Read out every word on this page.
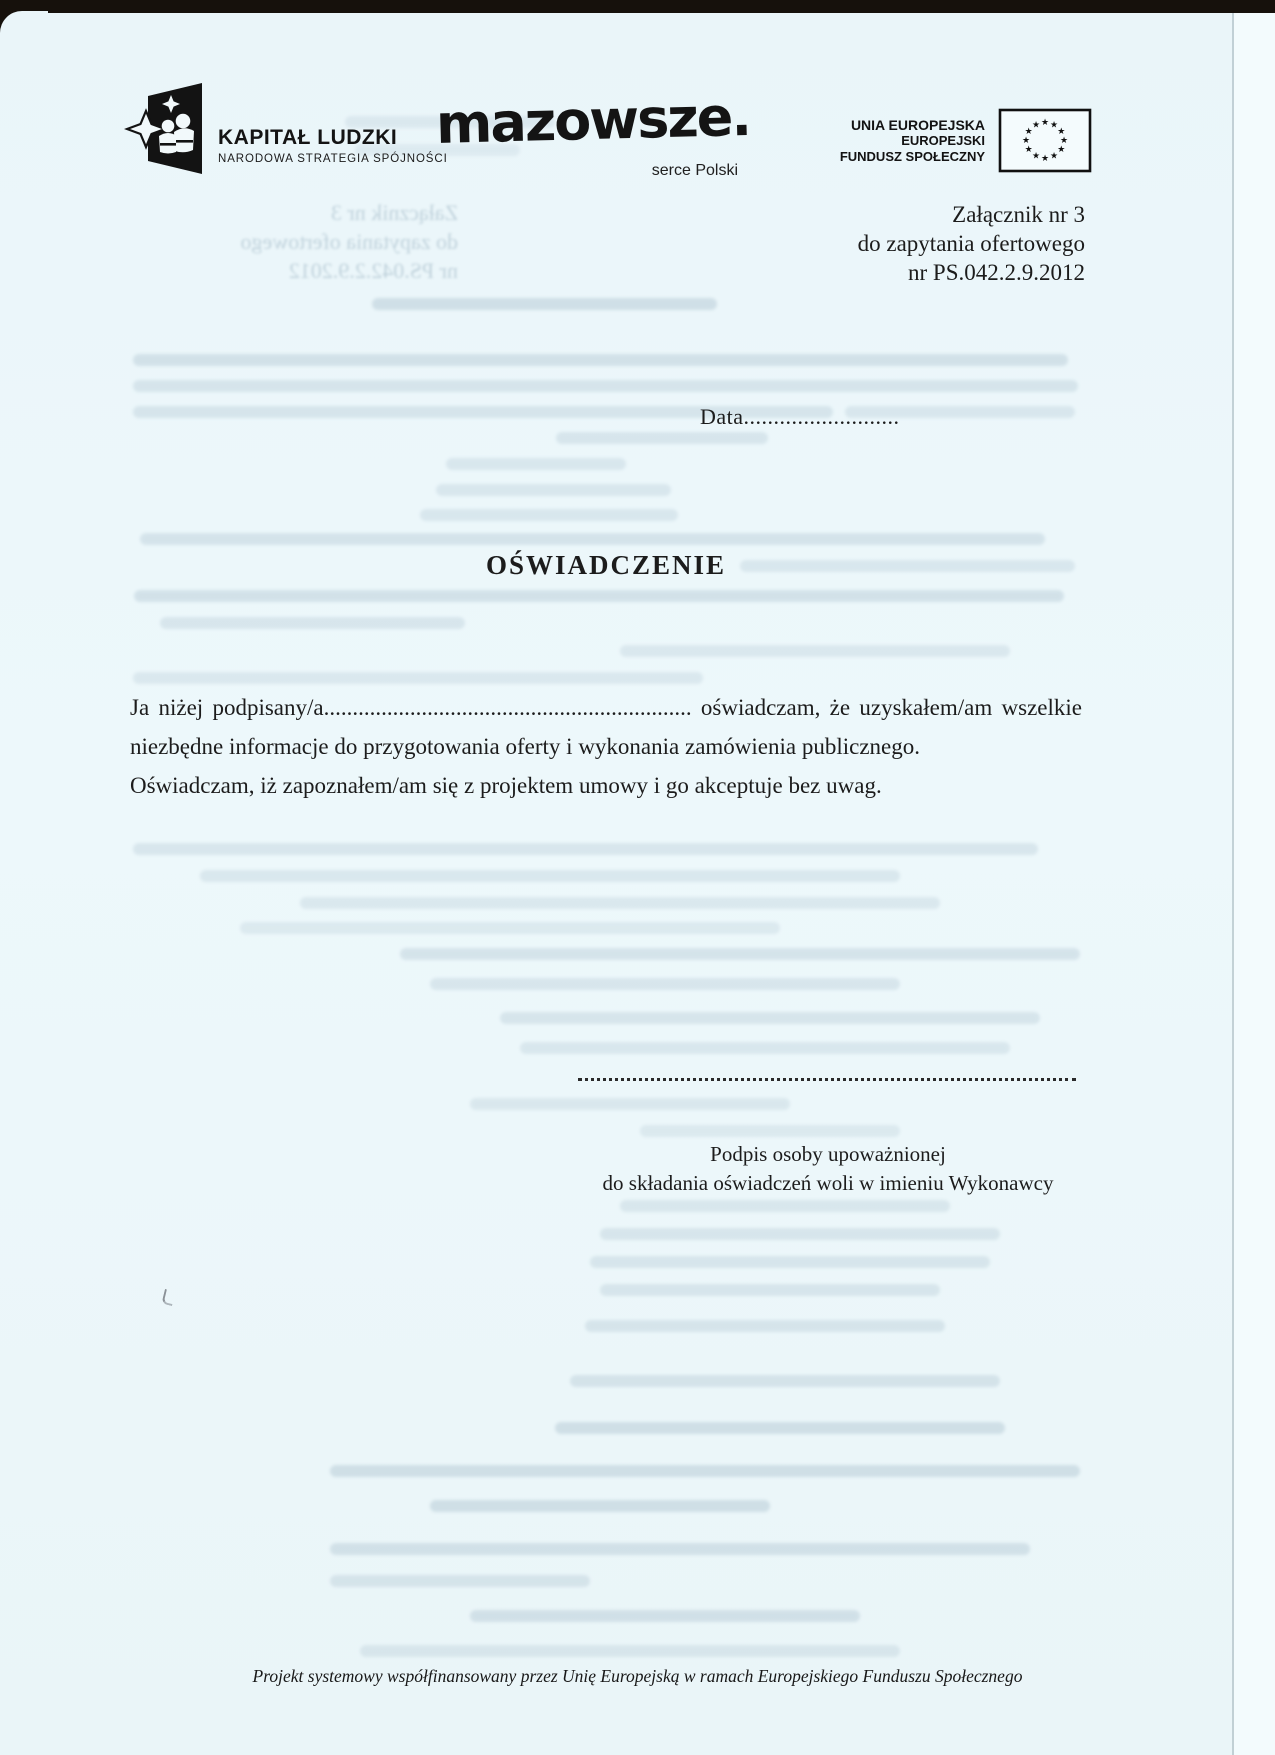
Załącznik nr 3
do zapytania ofertowego
nr PS.042.2.9.2012
KAPITAŁ LUDZKI
NARODOWA STRATEGIA SPÓJNOŚCI
mazowsze.
serce Polski
UNIA EUROPEJSKA
EUROPEJSKI
FUNDUSZ SPOŁECZNY
★ ★
★
★
★
★
★
★
★
★
★
★
Załącznik nr 3
do zapytania ofertowego
nr PS.042.2.9.2012
Data..........................
OŚWIADCZENIE

Ja niżej podpisany/a................................................................ oświadczam, że uzyskałem/am wszelkie niezbędne informacje do przygotowania oferty i wykonania zamówienia publicznego.

Oświadczam, iż zapoznałem/am się z projektem umowy i go akceptuje bez uwag.

Podpis osoby upoważnionej
do składania oświadczeń woli w imieniu Wykonawcy
Projekt systemowy współfinansowany przez Unię Europejską w ramach Europejskiego Funduszu Społecznego
